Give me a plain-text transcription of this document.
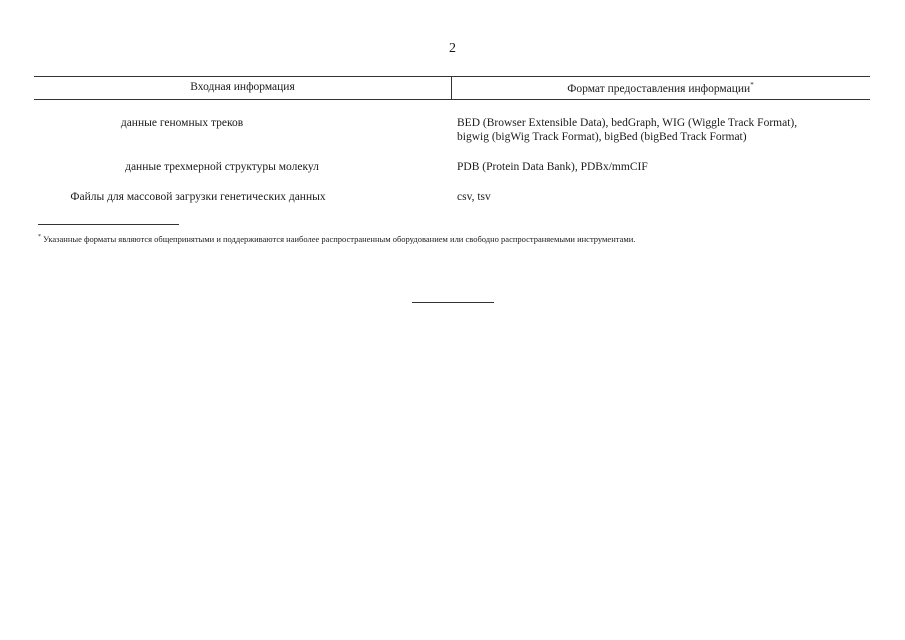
2
Входная информация	Формат предоставления информации*
данные геномных треков	BED (Browser Extensible Data), bedGraph, WIG (Wiggle Track Format),
bigwig (bigWig Track Format), bigBed (bigBed Track Format)
данные трехмерной структуры молекул	PDB (Protein Data Bank), PDBx/mmCIF
Файлы для массовой загрузки генетических данных	csv, tsv
* Указанные форматы являются общепринятыми и поддерживаются наиболее распространенным оборудованием или свободно распространяемыми инструментами.
